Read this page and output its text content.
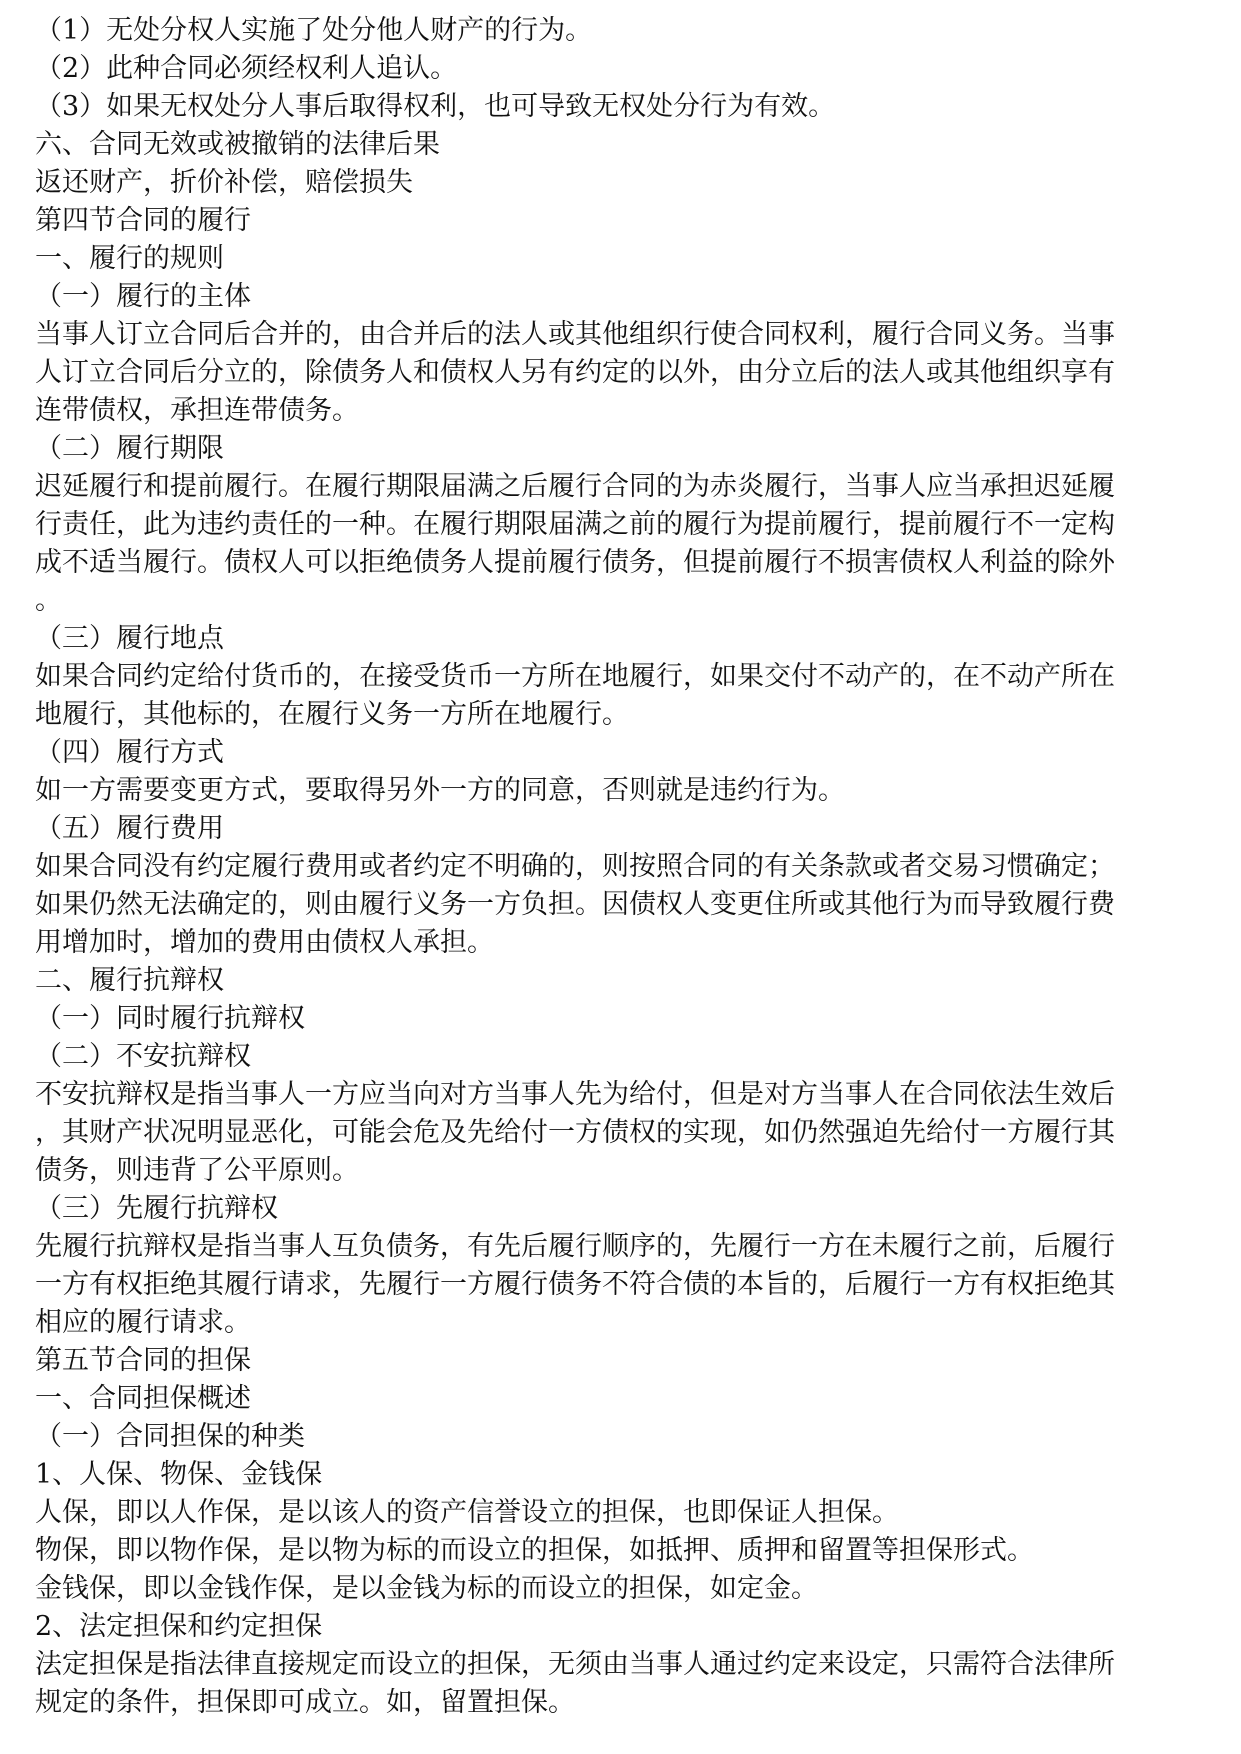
（1）无处分权人实施了处分他人财产的行为。
（2）此种合同必须经权利人追认。
（3）如果无权处分人事后取得权利，也可导致无权处分行为有效。
六、合同无效或被撤销的法律后果
返还财产，折价补偿，赔偿损失
第四节合同的履行
一、履行的规则
（一）履行的主体
当事人订立合同后合并的，由合并后的法人或其他组织行使合同权利，履行合同义务。当事
人订立合同后分立的，除债务人和债权人另有约定的以外，由分立后的法人或其他组织享有
连带债权，承担连带债务。
（二）履行期限
迟延履行和提前履行。在履行期限届满之后履行合同的为赤炎履行，当事人应当承担迟延履
行责任，此为违约责任的一种。在履行期限届满之前的履行为提前履行，提前履行不一定构
成不适当履行。债权人可以拒绝债务人提前履行债务，但提前履行不损害债权人利益的除外
。
（三）履行地点
如果合同约定给付货币的，在接受货币一方所在地履行，如果交付不动产的，在不动产所在
地履行，其他标的，在履行义务一方所在地履行。
（四）履行方式
如一方需要变更方式，要取得另外一方的同意，否则就是违约行为。
（五）履行费用
如果合同没有约定履行费用或者约定不明确的，则按照合同的有关条款或者交易习惯确定；
如果仍然无法确定的，则由履行义务一方负担。因债权人变更住所或其他行为而导致履行费
用增加时，增加的费用由债权人承担。
二、履行抗辩权
（一）同时履行抗辩权
（二）不安抗辩权
不安抗辩权是指当事人一方应当向对方当事人先为给付，但是对方当事人在合同依法生效后
，其财产状况明显恶化，可能会危及先给付一方债权的实现，如仍然强迫先给付一方履行其
债务，则违背了公平原则。
（三）先履行抗辩权
先履行抗辩权是指当事人互负债务，有先后履行顺序的，先履行一方在未履行之前，后履行
一方有权拒绝其履行请求，先履行一方履行债务不符合债的本旨的，后履行一方有权拒绝其
相应的履行请求。
第五节合同的担保
一、合同担保概述
（一）合同担保的种类
1、人保、物保、金钱保
人保，即以人作保，是以该人的资产信誉设立的担保，也即保证人担保。
物保，即以物作保，是以物为标的而设立的担保，如抵押、质押和留置等担保形式。
金钱保，即以金钱作保，是以金钱为标的而设立的担保，如定金。
2、法定担保和约定担保
法定担保是指法律直接规定而设立的担保，无须由当事人通过约定来设定，只需符合法律所
规定的条件，担保即可成立。如，留置担保。
